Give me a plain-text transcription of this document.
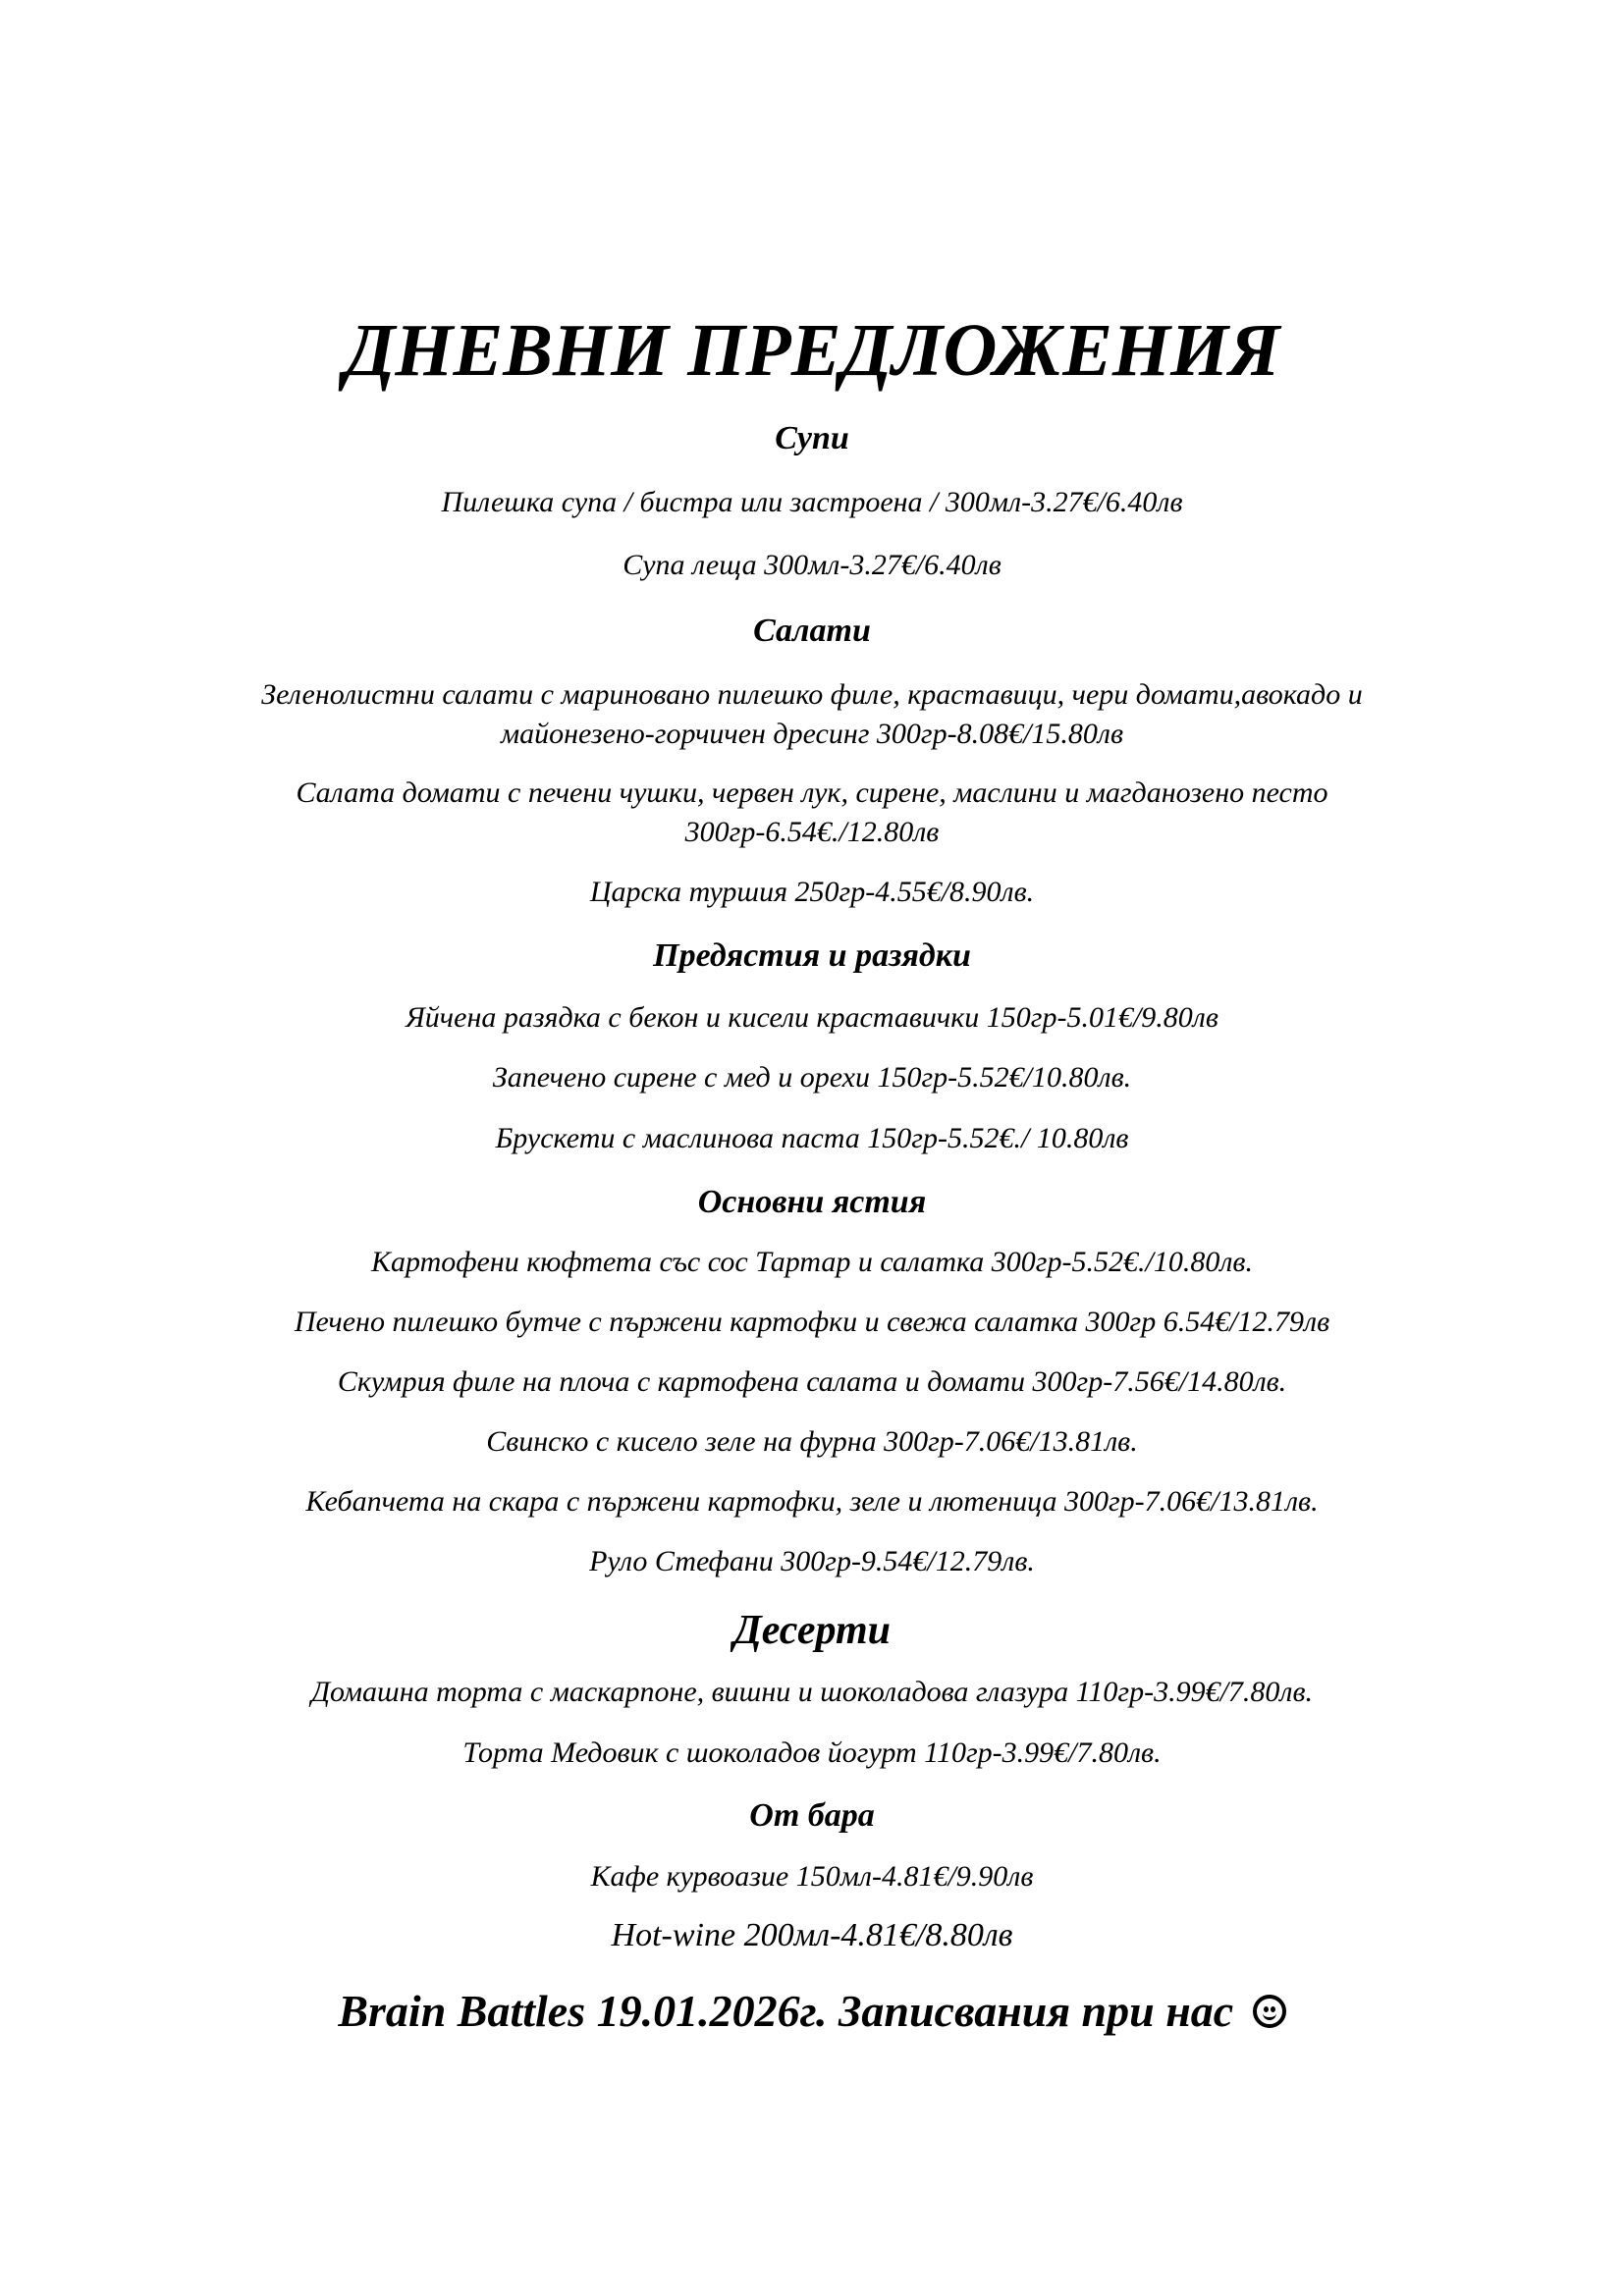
ДНЕВНИ ПРЕДЛОЖЕНИЯ
Супи
Пилешка супа / бистра или застроена / 300мл-3.27€/6.40лв
Супа леща 300мл-3.27€/6.40лв
Салати
Зеленолистни салати с мариновано пилешко филе, краставици, чери домати,авокадо и
майонезено-горчичен дресинг 300гр-8.08€/15.80лв
Салата домати с печени чушки, червен лук, сирене, маслини и магданозено песто
300гр-6.54€./12.80лв
Царска туршия 250гр-4.55€/8.90лв.
Предястия и разядки
Яйчена разядка с бекон и кисели краставички 150гр-5.01€/9.80лв
Запечено сирене с мед и орехи 150гр-5.52€/10.80лв.
Брускети с маслинова паста 150гр-5.52€./ 10.80лв
Основни ястия
Картофени кюфтета със сос Тартар и салатка 300гр-5.52€./10.80лв.
Печено пилешко бутче с пържени картофки и свежа салатка 300гр 6.54€/12.79лв
Скумрия филе на плоча с картофена салата и домати 300гр-7.56€/14.80лв.
Свинско с кисело зеле на фурна 300гр-7.06€/13.81лв.
Кебапчета на скара с пържени картофки, зеле и лютеница 300гр-7.06€/13.81лв.
Руло Стефани 300гр-9.54€/12.79лв.
Десерти
Домашна торта с маскарпоне, вишни и шоколадова глазура 110гр-3.99€/7.80лв.
Торта Медовик с шоколадов йогурт 110гр-3.99€/7.80лв.
От бара
Кафе курвоазие 150мл-4.81€/9.90лв
Hot-wine 200мл-4.81€/8.80лв
Brain Battles 19.01.2026г. Записвания при нас
